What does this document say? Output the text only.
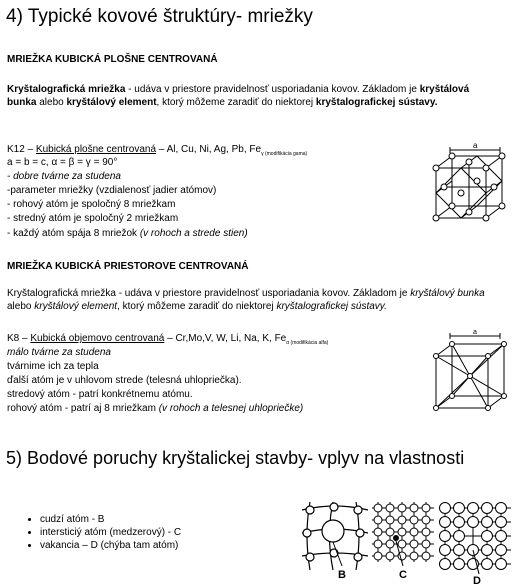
4) Typické kovové štruktúry- mriežky
MRIEŽKA KUBICKÁ PLOŠNE CENTROVANÁ
Kryštalografická mriežka - udáva v priestore pravidelnosť usporiadania kovov. Základom je kryštálová bunka alebo kryštálový element, ktorý môžeme zaradiť do niektorej kryštalografickej sústavy.
K12 – Kubická plošne centrovaná – Al, Cu, Ni, Ag, Pb, $Fe_{\gamma (modifikácia gama)}$
a = b = c, α = β = γ = 90°
- dobre tvárne za studena
-parameter mriežky (vzdialenosť jadier atómov)
- rohový atóm je spoločný 8 mriežkam
- stredný atóm je spoločný 2 mriežkam
- každý atóm spája 8 mriežok (v rohoch a strede stien)
a
MRIEŽKA KUBICKÁ PRIESTOROVE CENTROVANÁ
Kryštalografická mriežka - udáva v priestore pravidelnosť usporiadania kovov. Základom je kryštálový bunka alebo kryštálový element, ktorý môžeme zaradiť do niektorej kryštalografickej sústavy.
K8 – Kubická objemovo centrovaná – Cr,Mo,V, W, Li, Na, K, $Fe_{\alpha (modifikácia alfa)}$
málo tvárne za studena
tvárnime ich za tepla
ďalší atóm je v uhlovom strede (telesná uhlopriečka).
stredový atóm - patrí konkrétnemu atómu.
rohový atóm - patrí aj 8 mriežkam (v rohoch a telesnej uhlopriečke)
a
5) Bodové poruchy kryštalickej stavby- vplyv na vlastnosti
• cudzí atóm - B
• intersticiý atóm (medzerový) - C
• vakancia – D (chýba tam atóm)
B	C	D
